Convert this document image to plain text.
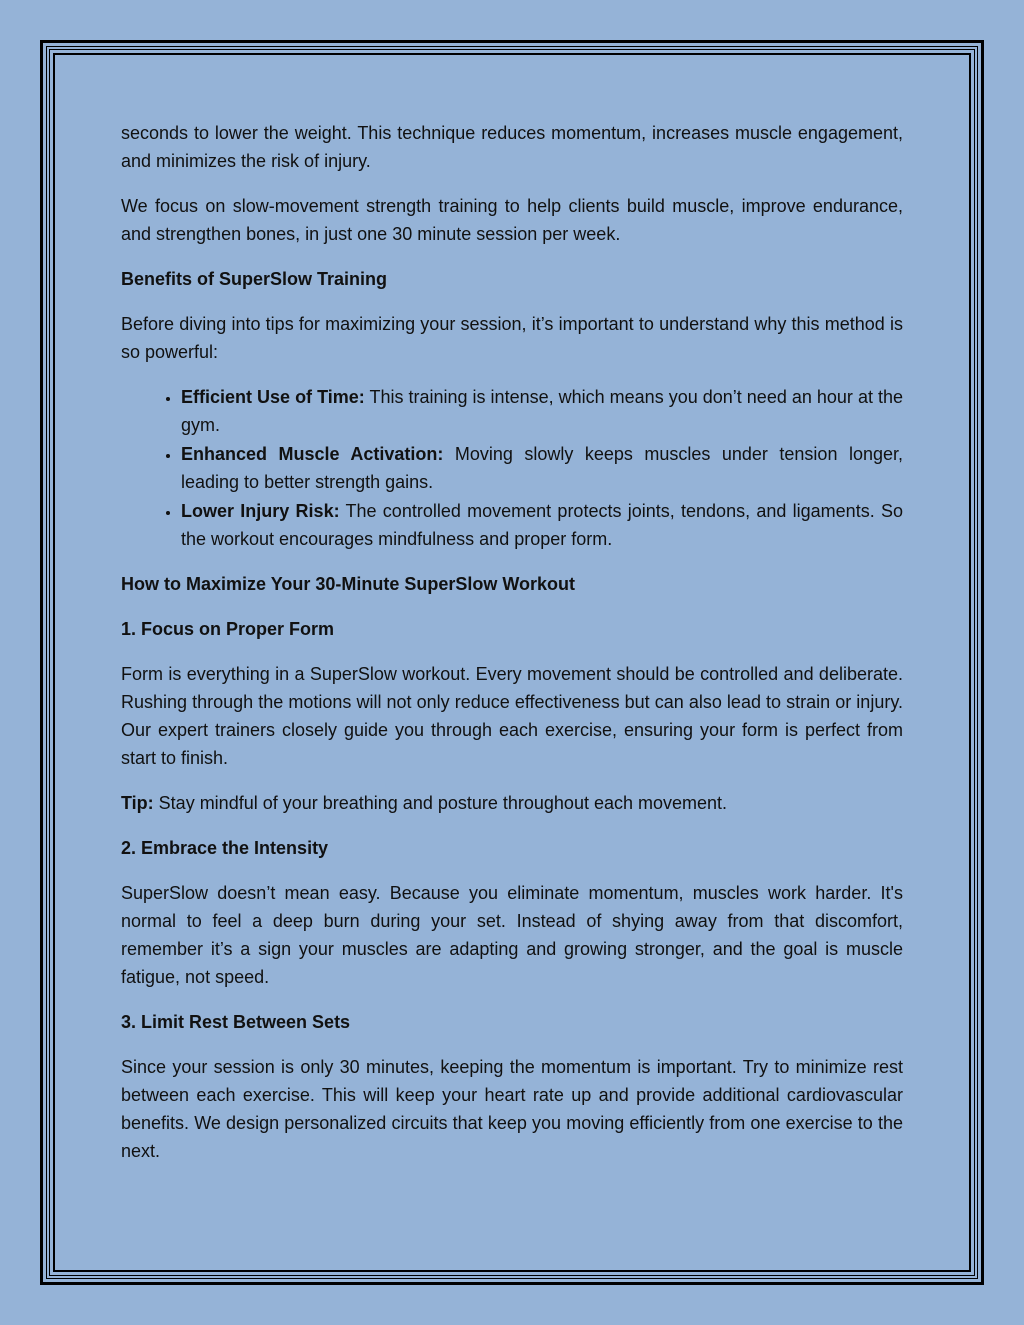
seconds to lower the weight. This technique reduces momentum, increases muscle engagement, and minimizes the risk of injury.

We focus on slow-movement strength training to help clients build muscle, improve endurance, and strengthen bones, in just one 30 minute session per week.

Benefits of SuperSlow Training

Before diving into tips for maximizing your session, it’s important to understand why this method is so powerful:

• Efficient Use of Time: This training is intense, which means you don’t need an hour at the gym.
• Enhanced Muscle Activation: Moving slowly keeps muscles under tension longer, leading to better strength gains.
• Lower Injury Risk: The controlled movement protects joints, tendons, and ligaments. So the workout encourages mindfulness and proper form.

How to Maximize Your 30-Minute SuperSlow Workout

1. Focus on Proper Form

Form is everything in a SuperSlow workout. Every movement should be controlled and deliberate. Rushing through the motions will not only reduce effectiveness but can also lead to strain or injury. Our expert trainers closely guide you through each exercise, ensuring your form is perfect from start to finish.

Tip: Stay mindful of your breathing and posture throughout each movement.

2. Embrace the Intensity

SuperSlow doesn’t mean easy. Because you eliminate momentum, muscles work harder. It's normal to feel a deep burn during your set. Instead of shying away from that discomfort, remember it’s a sign your muscles are adapting and growing stronger, and the goal is muscle fatigue, not speed.

3. Limit Rest Between Sets

Since your session is only 30 minutes, keeping the momentum is important. Try to minimize rest between each exercise. This will keep your heart rate up and provide additional cardiovascular benefits. We design personalized circuits that keep you moving efficiently from one exercise to the next.
